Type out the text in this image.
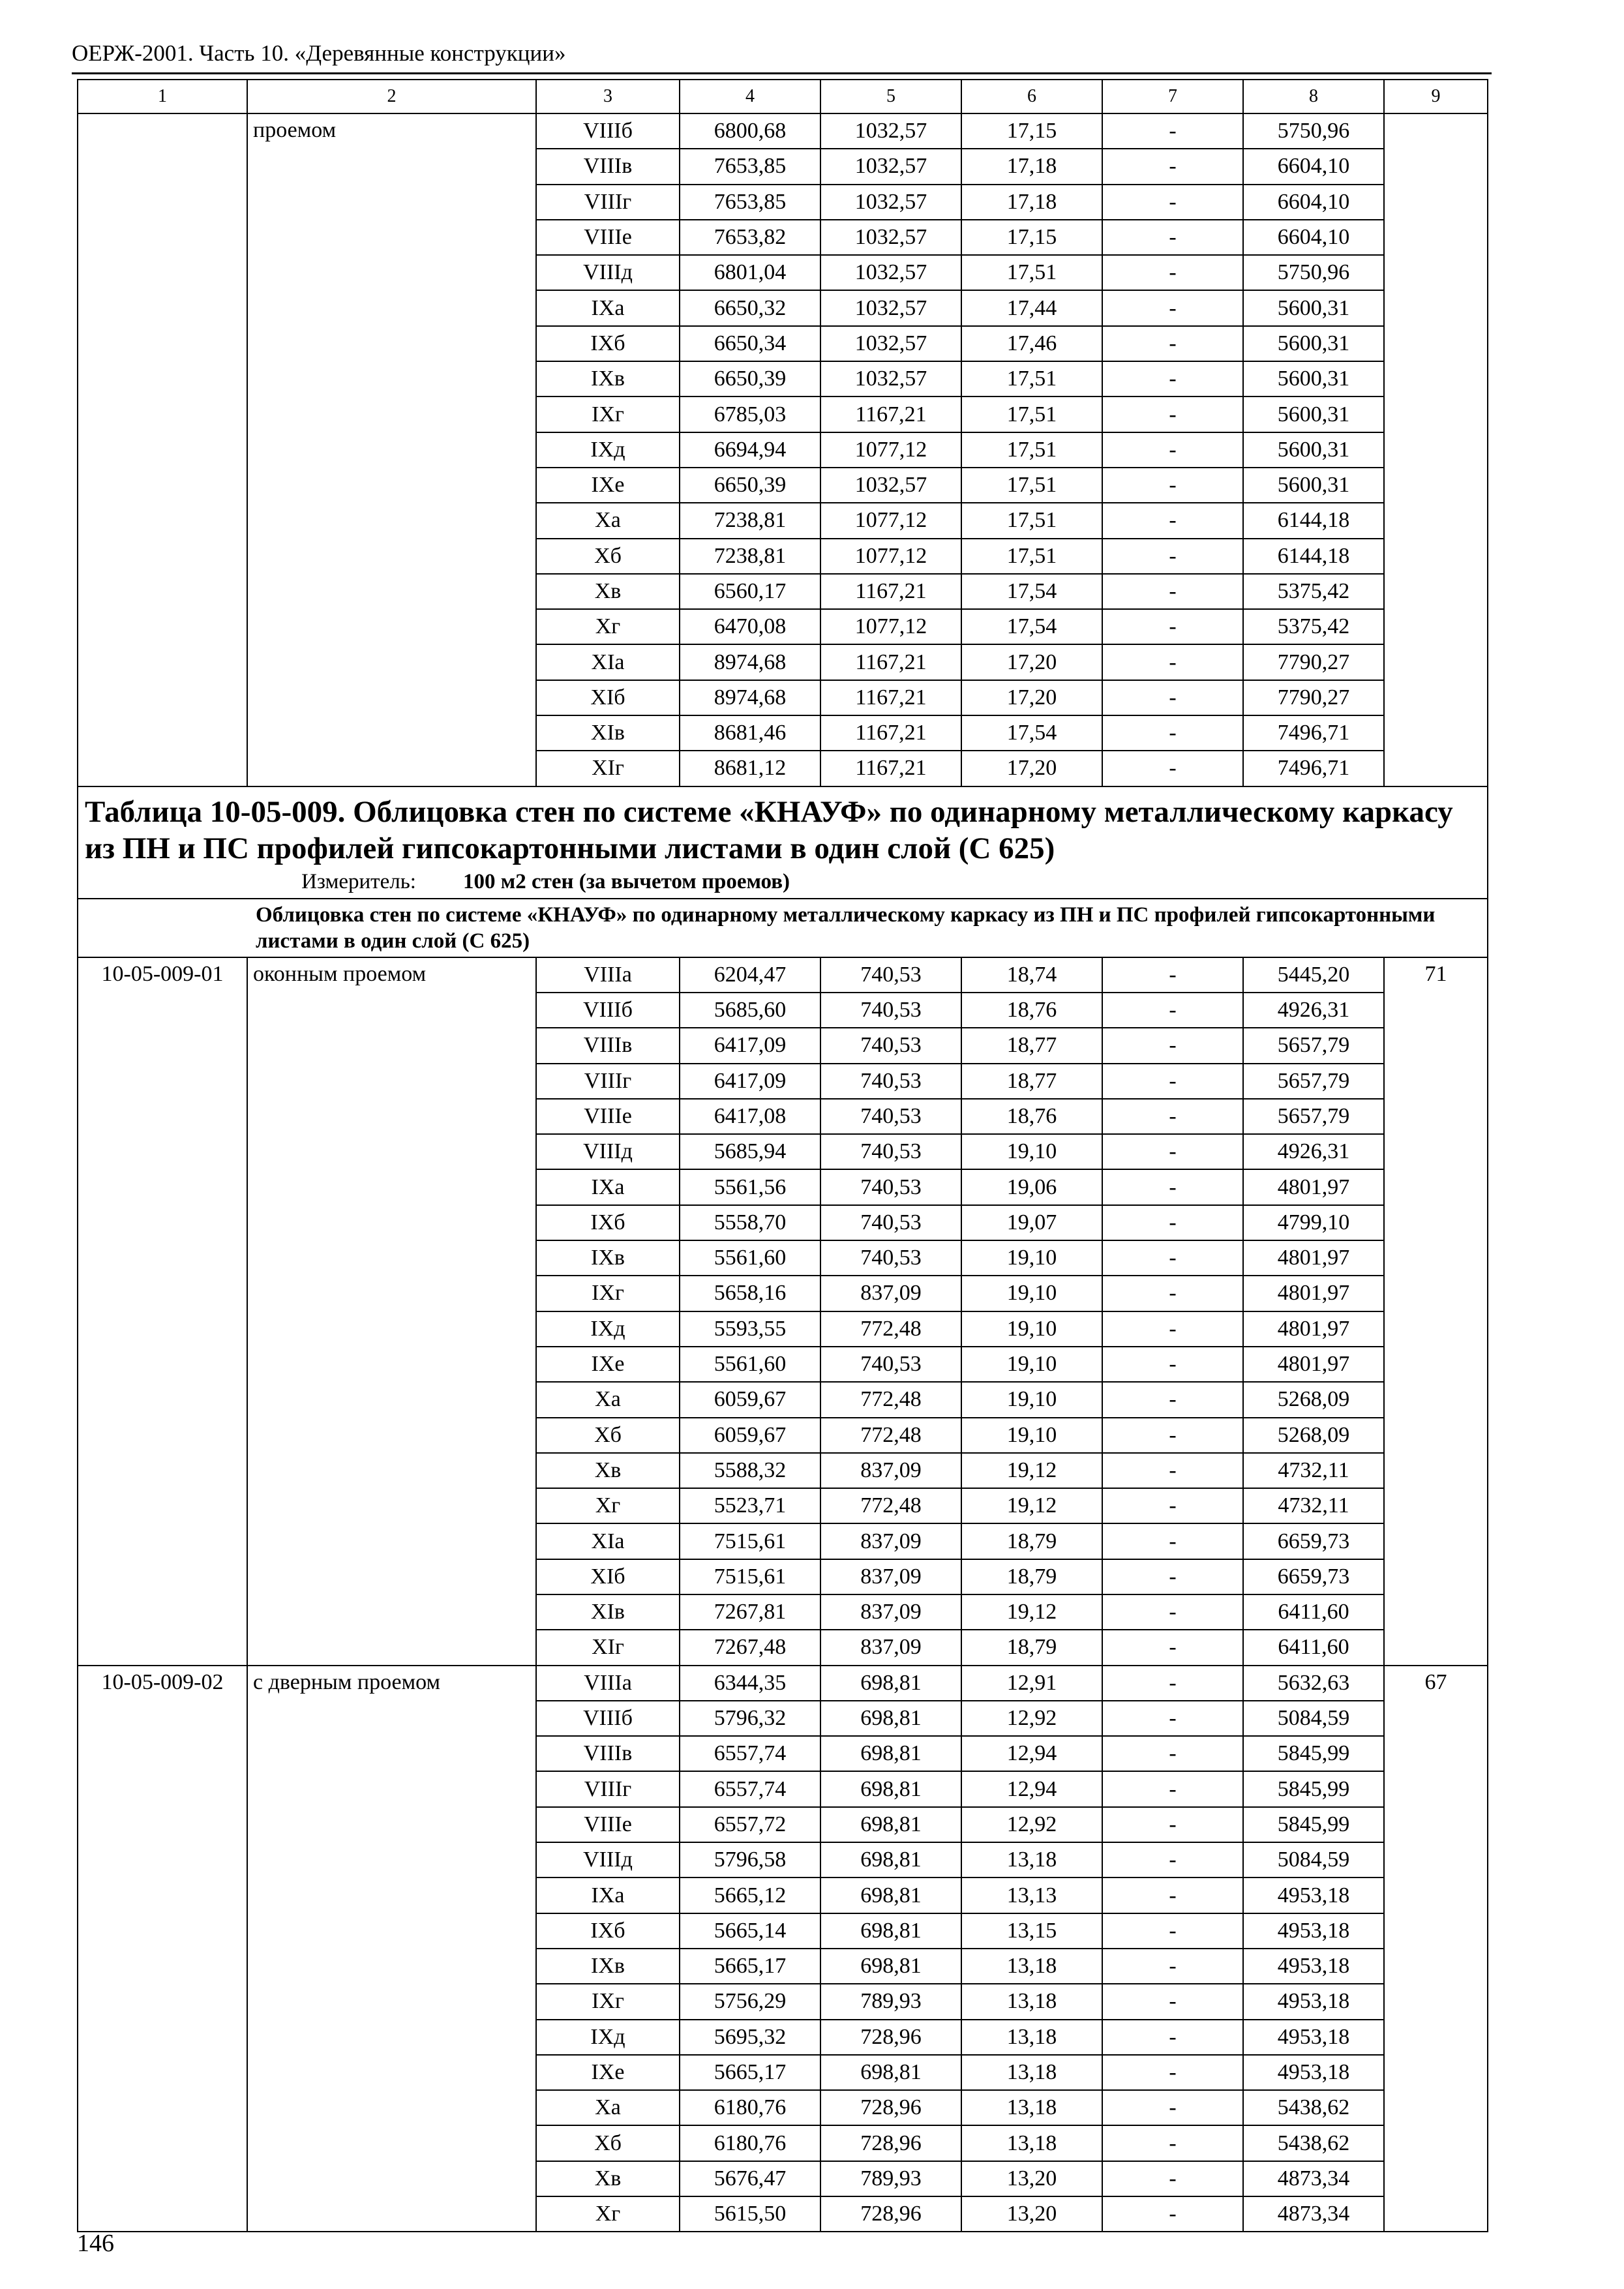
ОЕРЖ-2001. Часть 10. «Деревянные конструкции»
1	2	3	4	5	6	7	8	9
	проемом	VIIIб	6800,68	1032,57	17,15	-	5750,96	
		VIIIв	7653,85	1032,57	17,18	-	6604,10	
		VIIIг	7653,85	1032,57	17,18	-	6604,10	
		VIIIе	7653,82	1032,57	17,15	-	6604,10	
		VIIIд	6801,04	1032,57	17,51	-	5750,96	
		IXа	6650,32	1032,57	17,44	-	5600,31	
		IXб	6650,34	1032,57	17,46	-	5600,31	
		IXв	6650,39	1032,57	17,51	-	5600,31	
		IXг	6785,03	1167,21	17,51	-	5600,31	
		IXд	6694,94	1077,12	17,51	-	5600,31	
		IXе	6650,39	1032,57	17,51	-	5600,31	
		Xа	7238,81	1077,12	17,51	-	6144,18	
		Xб	7238,81	1077,12	17,51	-	6144,18	
		Xв	6560,17	1167,21	17,54	-	5375,42	
		Xг	6470,08	1077,12	17,54	-	5375,42	
		XIа	8974,68	1167,21	17,20	-	7790,27	
		XIб	8974,68	1167,21	17,20	-	7790,27	
		XIв	8681,46	1167,21	17,54	-	7496,71	
		XIг	8681,12	1167,21	17,20	-	7496,71	

Таблица 10-05-009. Облицовка стен по системе «КНАУФ» по одинарному металлическому каркасу из ПН и ПС профилей гипсокартонными листами в один слой (С 625)
Измеритель: 100 м2 стен (за вычетом проемов)								

Облицовка стен по системе «КНАУФ» по одинарному металлическому каркасу из ПН и ПС профилей гипсокартонными листами в один слой (С 625)								

10-05-009-01	оконным проемом	VIIIа	6204,47	740,53	18,74	-	5445,20	71
		VIIIб	5685,60	740,53	18,76	-	4926,31	
		VIIIв	6417,09	740,53	18,77	-	5657,79	
		VIIIг	6417,09	740,53	18,77	-	5657,79	
		VIIIе	6417,08	740,53	18,76	-	5657,79	
		VIIIд	5685,94	740,53	19,10	-	4926,31	
		IXа	5561,56	740,53	19,06	-	4801,97	
		IXб	5558,70	740,53	19,07	-	4799,10	
		IXв	5561,60	740,53	19,10	-	4801,97	
		IXг	5658,16	837,09	19,10	-	4801,97	
		IXд	5593,55	772,48	19,10	-	4801,97	
		IXе	5561,60	740,53	19,10	-	4801,97	
		Xа	6059,67	772,48	19,10	-	5268,09	
		Xб	6059,67	772,48	19,10	-	5268,09	
		Xв	5588,32	837,09	19,12	-	4732,11	
		Xг	5523,71	772,48	19,12	-	4732,11	
		XIа	7515,61	837,09	18,79	-	6659,73	
		XIб	7515,61	837,09	18,79	-	6659,73	
		XIв	7267,81	837,09	19,12	-	6411,60	
		XIг	7267,48	837,09	18,79	-	6411,60	
10-05-009-02	с дверным проемом	VIIIа	6344,35	698,81	12,91	-	5632,63	67
		VIIIб	5796,32	698,81	12,92	-	5084,59	
		VIIIв	6557,74	698,81	12,94	-	5845,99	
		VIIIг	6557,74	698,81	12,94	-	5845,99	
		VIIIе	6557,72	698,81	12,92	-	5845,99	
		VIIIд	5796,58	698,81	13,18	-	5084,59	
		IXа	5665,12	698,81	13,13	-	4953,18	
		IXб	5665,14	698,81	13,15	-	4953,18	
		IXв	5665,17	698,81	13,18	-	4953,18	
		IXг	5756,29	789,93	13,18	-	4953,18	
		IXд	5695,32	728,96	13,18	-	4953,18	
		IXе	5665,17	698,81	13,18	-	4953,18	
		Xа	6180,76	728,96	13,18	-	5438,62	
		Xб	6180,76	728,96	13,18	-	5438,62	
		Xв	5676,47	789,93	13,20	-	4873,34	
		Xг	5615,50	728,96	13,20	-	4873,34	
146
